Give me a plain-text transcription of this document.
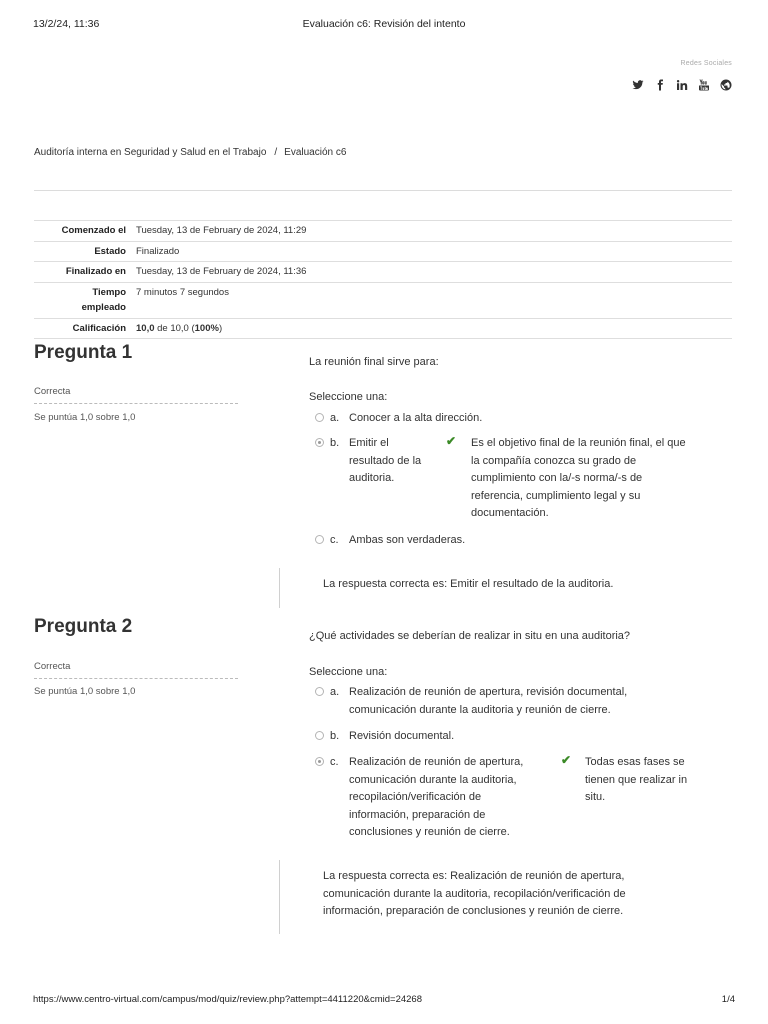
13/2/24, 11:36	Evaluación c6: Revisión del intento
Redes Sociales
Auditoría interna en Seguridad y Salud en el Trabajo / Evaluación c6
Comenzado el	Tuesday, 13 de February de 2024, 11:29
Estado	Finalizado
Finalizado en	Tuesday, 13 de February de 2024, 11:36
Tiempo
empleado	7 minutos 7 segundos
Calificación	10,0 de 10,0 (100%)
Pregunta 1
Correcta
Se puntúa 1,0 sobre 1,0
La reunión final sirve para:
Seleccione una:
a. Conocer a la alta dirección.
b. Emitir el
resultado de la
auditoria.
✔ Es el objetivo final de la reunión final, el que
la compañía conozca su grado de
cumplimiento con la/-s norma/-s de
referencia, cumplimiento legal y su
documentación.
c. Ambas son verdaderas.
La respuesta correcta es: Emitir el resultado de la auditoria.
Pregunta 2
Correcta
Se puntúa 1,0 sobre 1,0
¿Qué actividades se deberían de realizar in situ en una auditoria?
Seleccione una:
a. Realización de reunión de apertura, revisión documental,
comunicación durante la auditoria y reunión de cierre.
b. Revisión documental.
c. Realización de reunión de apertura,
comunicación durante la auditoria,
recopilación/verificación de
información, preparación de
conclusiones y reunión de cierre.
✔ Todas esas fases se
tienen que realizar in
situ.
La respuesta correcta es: Realización de reunión de apertura,
comunicación durante la auditoria, recopilación/verificación de
información, preparación de conclusiones y reunión de cierre.
https://www.centro-virtual.com/campus/mod/quiz/review.php?attempt=4411220&cmid=24268	1/4
